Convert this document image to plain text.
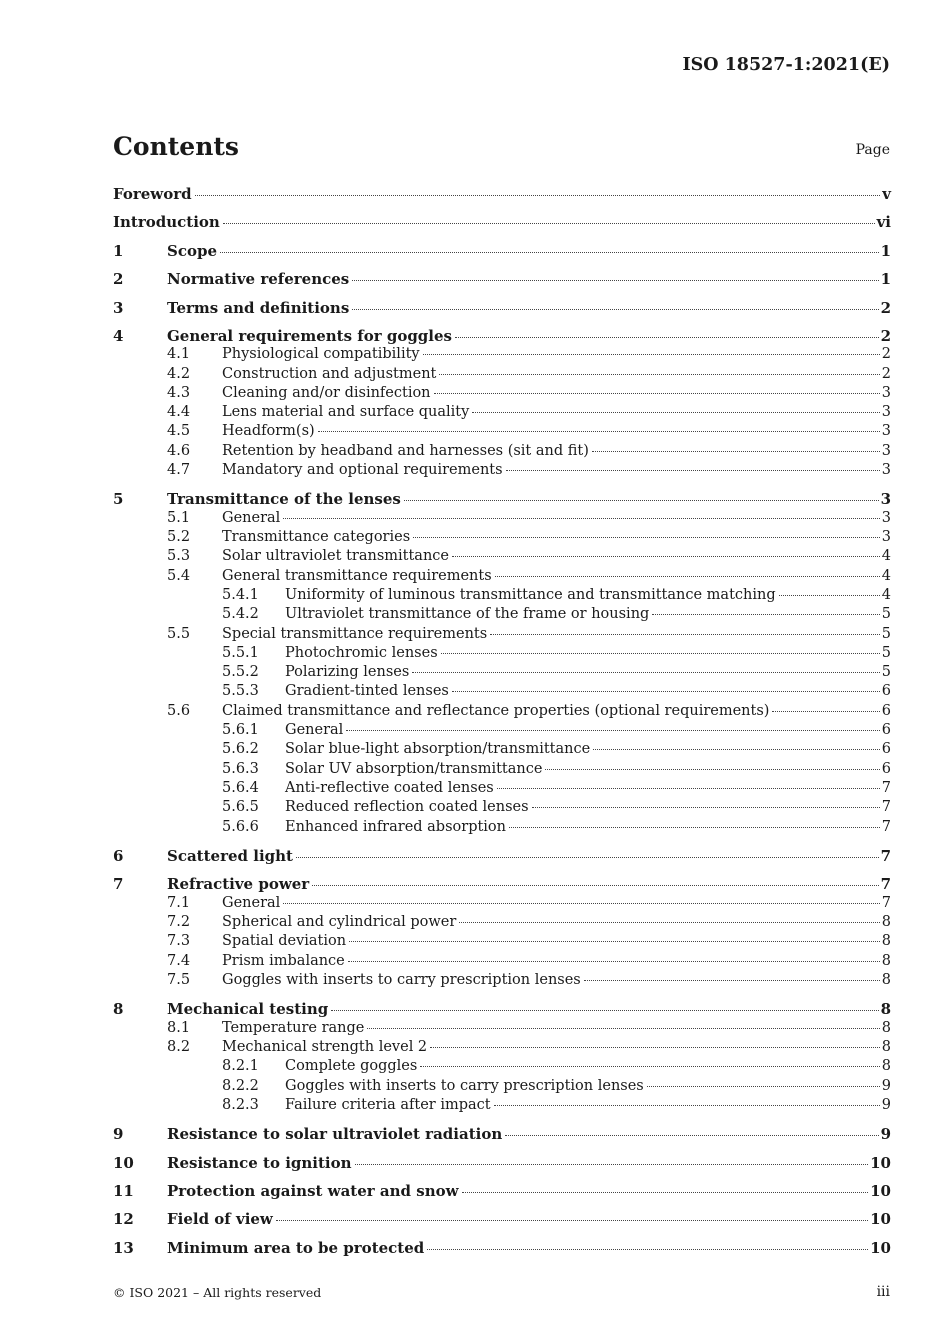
ISO 18527-1:2021(E)
Contents	Page
Foreword	v
Introduction	vi
1	Scope	1
2	Normative references	1
3	Terms and definitions	2
4	General requirements for goggles	2
4.1	Physiological compatibility	2
4.2	Construction and adjustment	2
4.3	Cleaning and/or disinfection	3
4.4	Lens material and surface quality	3
4.5	Headform(s)	3
4.6	Retention by headband and harnesses (sit and fit)	3
4.7	Mandatory and optional requirements	3
5	Transmittance of the lenses	3
5.1	General	3
5.2	Transmittance categories	3
5.3	Solar ultraviolet transmittance	4
5.4	General transmittance requirements	4
5.4.1	Uniformity of luminous transmittance and transmittance matching	4
5.4.2	Ultraviolet transmittance of the frame or housing	5
5.5	Special transmittance requirements	5
5.5.1	Photochromic lenses	5
5.5.2	Polarizing lenses	5
5.5.3	Gradient-tinted lenses	6
5.6	Claimed transmittance and reflectance properties (optional requirements)	6
5.6.1	General	6
5.6.2	Solar blue-light absorption/transmittance	6
5.6.3	Solar UV absorption/transmittance	6
5.6.4	Anti-reflective coated lenses	7
5.6.5	Reduced reflection coated lenses	7
5.6.6	Enhanced infrared absorption	7
6	Scattered light	7
7	Refractive power	7
7.1	General	7
7.2	Spherical and cylindrical power	8
7.3	Spatial deviation	8
7.4	Prism imbalance	8
7.5	Goggles with inserts to carry prescription lenses	8
8	Mechanical testing	8
8.1	Temperature range	8
8.2	Mechanical strength level 2	8
8.2.1	Complete goggles	8
8.2.2	Goggles with inserts to carry prescription lenses	9
8.2.3	Failure criteria after impact	9
9	Resistance to solar ultraviolet radiation	9
10	Resistance to ignition	10
11	Protection against water and snow	10
12	Field of view	10
13	Minimum area to be protected	10
© ISO 2021 – All rights reserved	iii
